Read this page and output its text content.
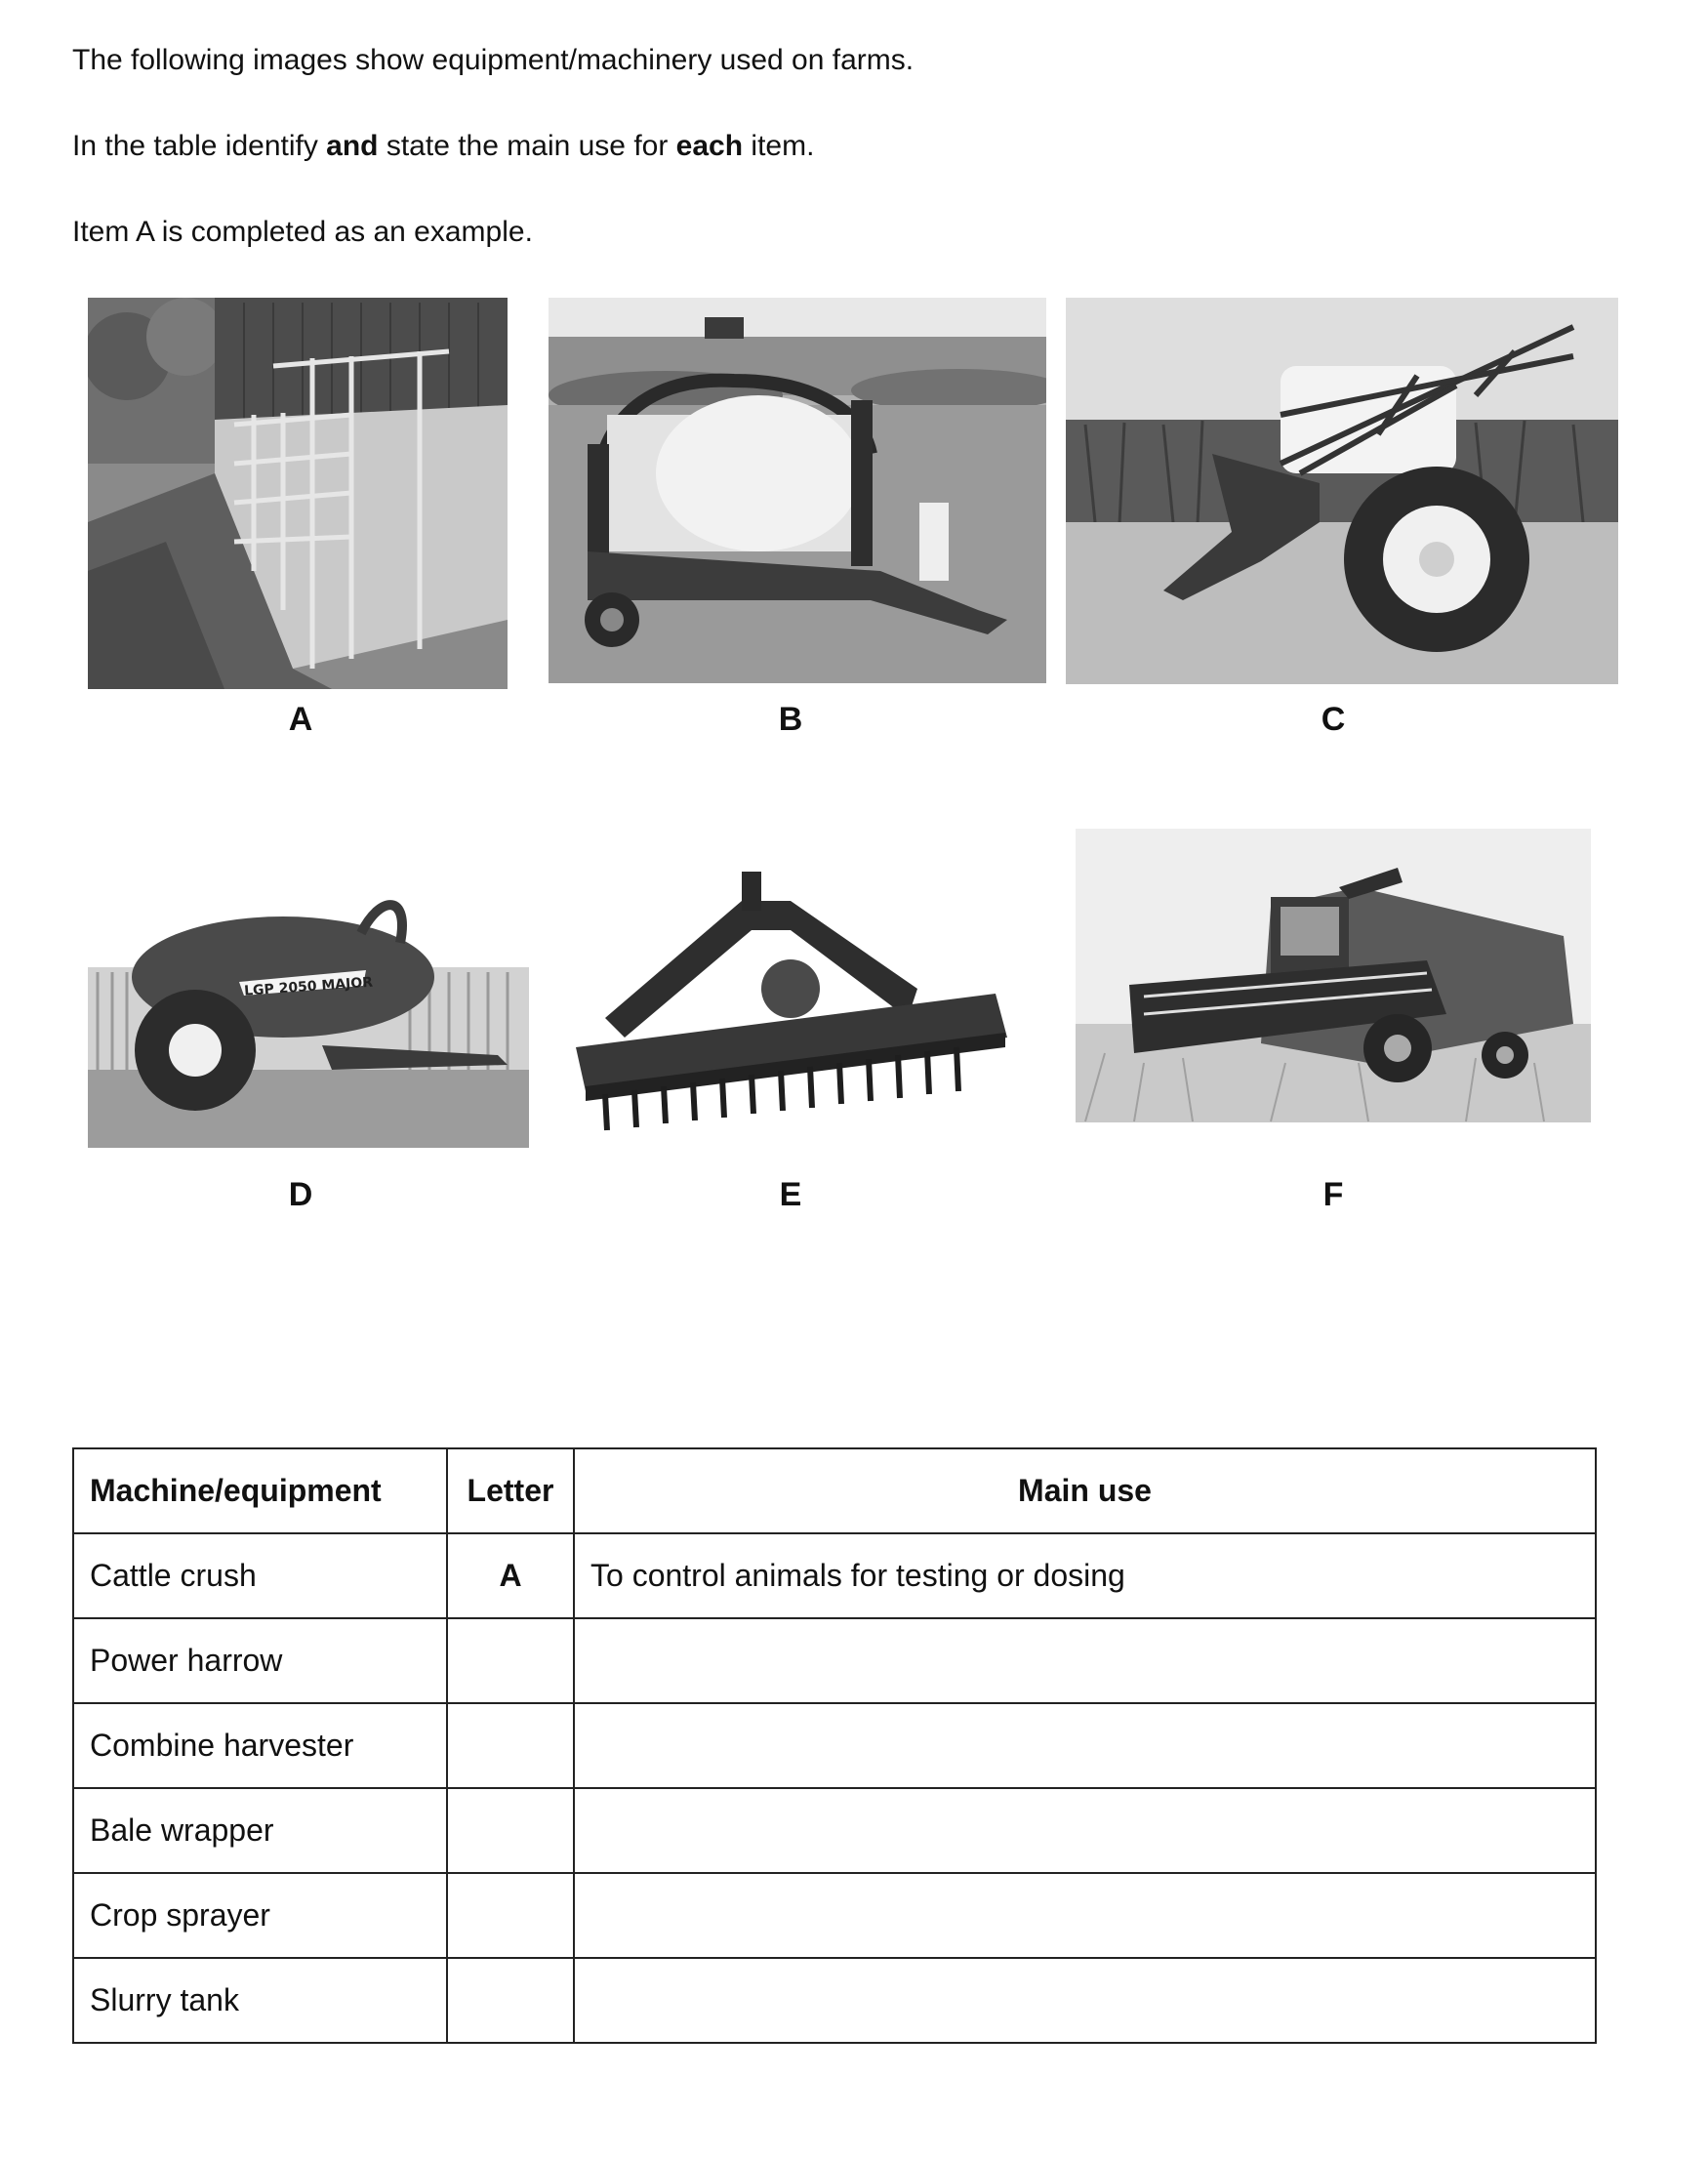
The following images show equipment/machinery used on farms.
In the table identify and state the main use for each item.
Item A is completed as an example.
A	B	C
LGP 2050 MAJOR
D	E	F
Machine/equipment	Letter	Main use
Cattle crush	A	To control animals for testing or dosing
Power harrow		
Combine harvester		
Bale wrapper		
Crop sprayer		
Slurry tank		
